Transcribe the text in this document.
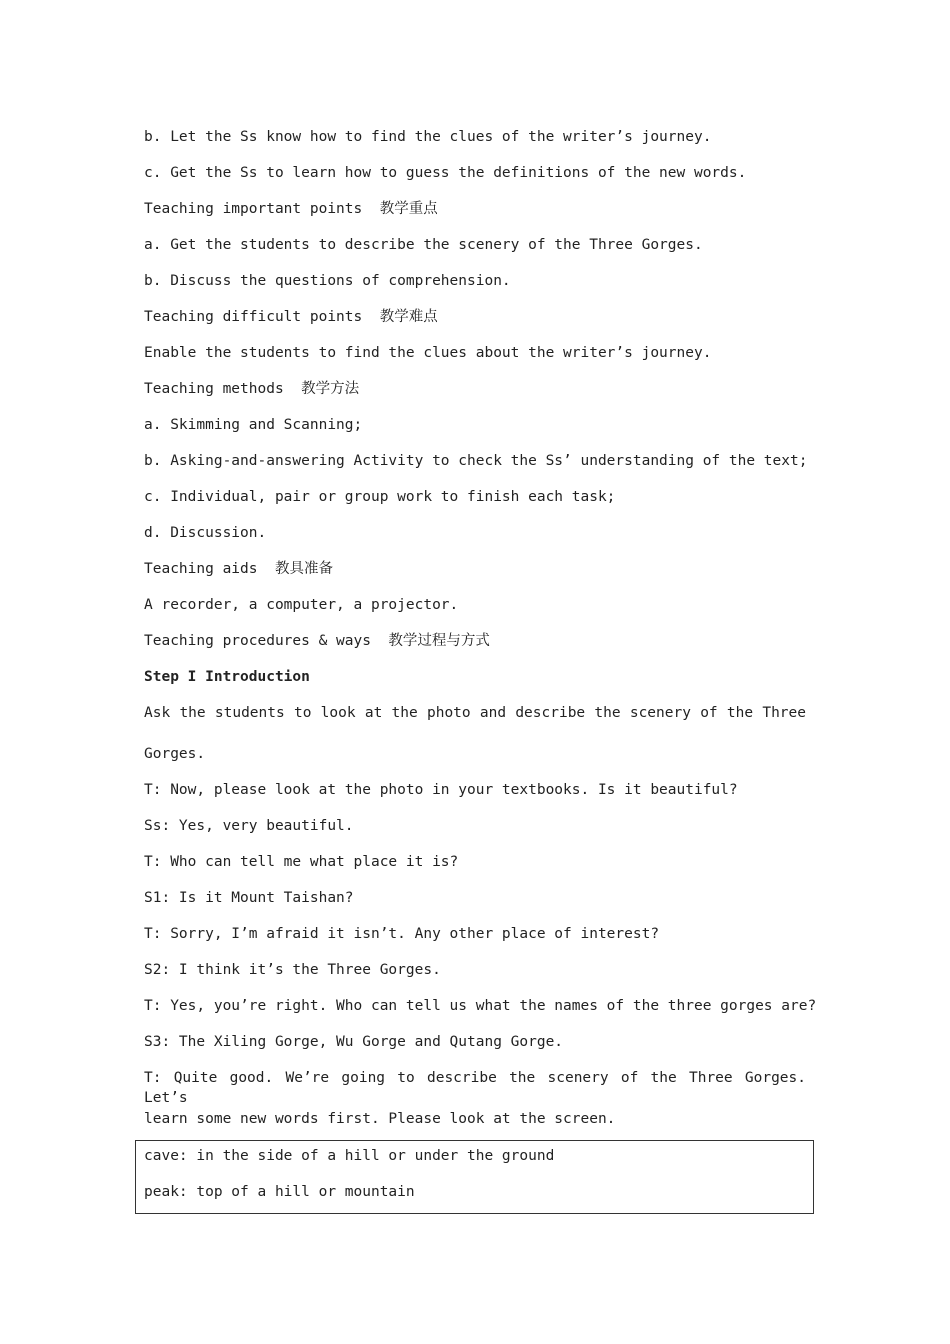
b. Let the Ss know how to find the clues of the writer’s journey.

c. Get the Ss to learn how to guess the definitions of the new words.

Teaching important points  教学重点

a. Get the students to describe the scenery of the Three Gorges.

b. Discuss the questions of comprehension.

Teaching difficult points  教学难点

Enable the students to find the clues about the writer’s journey.

Teaching methods  教学方法

a. Skimming and Scanning;

b. Asking-and-answering Activity to check the Ss’ understanding of the text;

c. Individual, pair or group work to finish each task;

d. Discussion.

Teaching aids  教具准备

A recorder, a computer, a projector.

Teaching procedures & ways  教学过程与方式

Step I Introduction

Ask the students to look at the photo and describe the scenery of the Three

Gorges.

T: Now, please look at the photo in your textbooks. Is it beautiful?

Ss: Yes, very beautiful.

T: Who can tell me what place it is?

S1: Is it Mount Taishan?

T: Sorry, I’m afraid it isn’t. Any other place of interest?

S2: I think it’s the Three Gorges.

T: Yes, you’re right. Who can tell us what the names of the three gorges are?

S3: The Xiling Gorge, Wu Gorge and Qutang Gorge.

T: Quite good. We’re going to describe the scenery of the Three Gorges. Let’s

learn some new words first. Please look at the screen.

cave: in the side of a hill or under the ground

peak: top of a hill or mountain
